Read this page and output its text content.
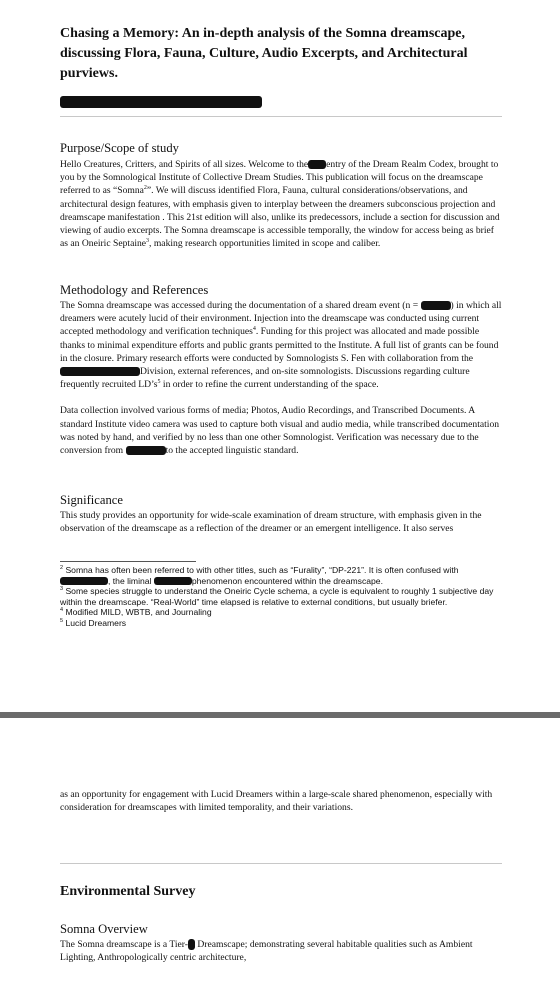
Chasing a Memory: An in-depth analysis of the Somna dreamscape, discussing Flora, Fauna, Culture, Audio Excerpts, and Architectural purviews.
Purpose/Scope of study

Hello Creatures, Critters, and Spirits of all sizes. Welcome to the entry of the Dream Realm Codex, brought to you by the Somnological Institute of Collective Dream Studies. This publication will focus on the dreamscape referred to as “Somna$^2$”. We will discuss identified Flora, Fauna, cultural considerations/observations, and architectural design features, with emphasis given to interplay between the dreamers subconscious projection and dreamscape manifestation . This 21st edition will also, unlike its predecessors, include a section for discussion and viewing of audio excerpts. The Somna dreamscape is accessible temporally, the window for access being as brief as an Oneiric Septaine$^3$, making research opportunities limited in scope and caliber.

Methodology and References

The Somna dreamscape was accessed during the documentation of a shared dream event (n =	) in which all dreamers were acutely lucid of their environment. Injection into the dreamscape was conducted using current accepted methodology and verification techniques$^4$. Funding for this project was allocated and made possible thanks to minimal expenditure efforts and public grants permitted to the Institute. A full list of grants can be found in the closure. Primary research efforts were conducted by Somnologists S. Fen with collaboration from theDivision, external references, and on-site somnologists. Discussions regarding culture frequently recruited $LD’s^5$ in order to refine the current understanding of the space.

Data collection involved various forms of media; Photos, Audio Recordings, and Transcribed Documents. A standard Institute video camera was used to capture both visual and audio media, while transcribed documentation was noted by hand, and verified by no less than one other Somnologist. Verification was necessary due to the conversion from	to the accepted linguistic standard.

Significance

This study provides an opportunity for wide-scale examination of dream structure, with emphasis given in the observation of the dreamscape as a reflection of the dreamer or an emergent intelligence. It also serves

$^2$ Somna has often been referred to with other titles, such as “Furality”, “DP-221”. It is often confused with , the liminal	phenomenon encountered within the dreamscape.
$^3$ Some species struggle to understand the Oneiric Cycle schema, a cycle is equivalent to roughly 1 subjective day within the dreamscape. “Real-World” time elapsed is relative to external conditions, but usually briefer.
$^4$ Modified MILD, WBTB, and Journaling
$^5$ Lucid Dreamers

as an opportunity for engagement with Lucid Dreamers within a large-scale shared phenomenon, especially with consideration for dreamscapes with limited temporality, and their variations.

Environmental Survey
Somna Overview

The Somna dreamscape is a Tier- Dreamscape; demonstrating several habitable qualities such as Ambient Lighting, Anthropologically centric architecture,
